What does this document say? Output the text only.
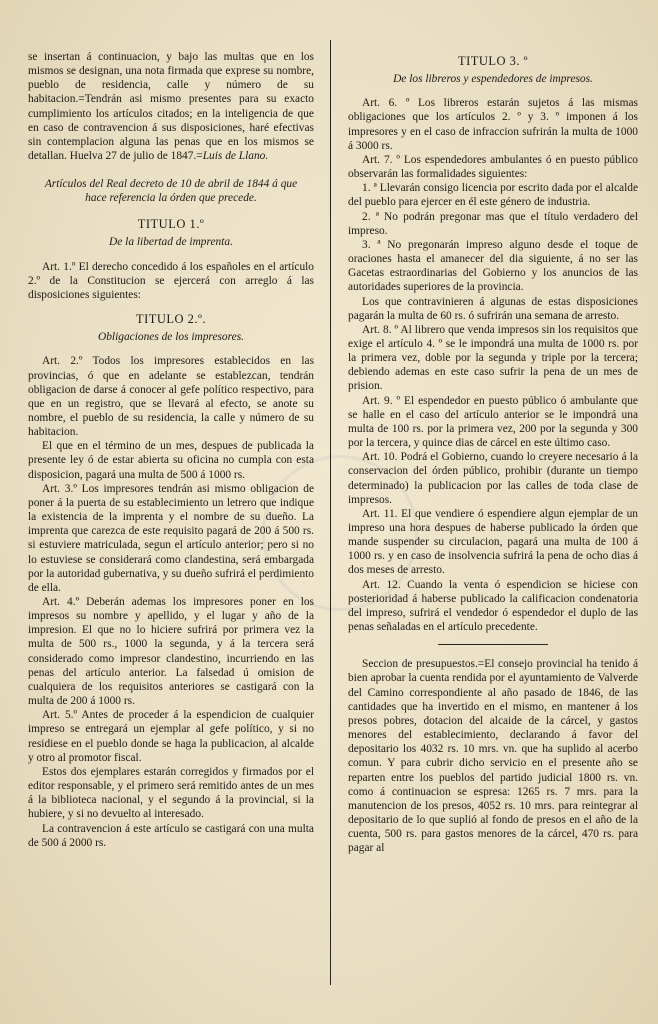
se insertan á continuacion, y bajo las multas que en los mismos se designan, una nota firmada que exprese su nombre, pueblo de residencia, calle y número de su habitacion.=Tendrán asi mismo presentes para su exacto cumplimiento los artículos citados; en la inteligencia de que en caso de contravencion á sus disposiciones, haré efectivas sin contemplacion alguna las penas que en los mismos se detallan. Huelva 27 de julio de 1847.=Luis de Llano.

Artículos del Real decreto de 10 de abril de 1844 á que hace referencia la órden que precede.

TITULO 1.º

De la libertad de imprenta.

Art. 1.º El derecho concedido á los españoles en el artículo 2.º de la Constitucion se ejercerá con arreglo á las disposiciones siguientes:

TITULO 2.º.

Obligaciones de los impresores.

Art. 2.º Todos los impresores establecidos en las provincias, ó que en adelante se establezcan, tendrán obligacion de darse á conocer al gefe político respectivo, para que en un registro, que se llevará al efecto, se anote su nombre, el pueblo de su residencia, la calle y número de su habitacion.

El que en el término de un mes, despues de publicada la presente ley ó de estar abierta su oficina no cumpla con esta disposicion, pagará una multa de 500 á 1000 rs.

Art. 3.º Los impresores tendrán asi mismo obligacion de poner á la puerta de su establecimiento un letrero que indique la existencia de la imprenta y el nombre de su dueño. La imprenta que carezca de este requisito pagará de 200 á 500 rs. si estuviere matriculada, segun el artículo anterior; pero si no lo estuviese se considerará como clandestina, será embargada por la autoridad gubernativa, y su dueño sufrirá el perdimiento de ella.

Art. 4.º Deberán ademas los impresores poner en los impresos su nombre y apellido, y el lugar y año de la impresion. El que no lo hiciere sufrirá por primera vez la multa de 500 rs., 1000 la segunda, y á la tercera será considerado como impresor clandestino, incurriendo en las penas del artículo anterior. La falsedad ú omision de cualquiera de los requisitos anteriores se castigará con la multa de 200 á 1000 rs.

Art. 5.º Antes de proceder á la espendicion de cualquier impreso se entregará un ejemplar al gefe político, y si no residiese en el pueblo donde se haga la publicacion, al alcalde y otro al promotor fiscal.

Estos dos ejemplares estarán corregidos y firmados por el editor responsable, y el primero será remitido antes de un mes á la biblioteca nacional, y el segundo á la provincial, si la hubiere, y si no devuelto al interesado.

La contravencion á este artículo se castigará con una multa de 500 á 2000 rs.

TITULO 3. º

De los libreros y espendedores de impresos.

Art. 6. º Los libreros estarán sujetos á las mismas obligaciones que los artículos 2. º y 3. º imponen á los impresores y en el caso de infraccion sufrirán la multa de 1000 á 3000 rs.

Art. 7. º Los espendedores ambulantes ó en puesto público observarán las formalidades siguientes:

1. ª Llevarán consigo licencia por escrito dada por el alcalde del pueblo para ejercer en él este género de industria.

2. ª No podrán pregonar mas que el título verdadero del impreso.

3. ª No pregonarán impreso alguno desde el toque de oraciones hasta el amanecer del dia siguiente, á no ser las Gacetas estraordinarias del Gobierno y los anuncios de las autoridades superiores de la provincia.

Los que contravinieren á algunas de estas disposiciones pagarán la multa de 60 rs. ó sufrirán una semana de arresto.

Art. 8. º Al librero que venda impresos sin los requisitos que exige el artículo 4. º se le impondrá una multa de 1000 rs. por la primera vez, doble por la segunda y triple por la tercera; debiendo ademas en este caso sufrir la pena de un mes de prision.

Art. 9. º El espendedor en puesto público ó ambulante que se halle en el caso del artículo anterior se le impondrá una multa de 100 rs. por la primera vez, 200 por la segunda y 300 por la tercera, y quince dias de cárcel en este último caso.

Art. 10. Podrá el Gobierno, cuando lo creyere necesario á la conservacion del órden público, prohibir (durante un tiempo determinado) la publicacion por las calles de toda clase de impresos.

Art. 11. El que vendiere ó espendiere algun ejemplar de un impreso una hora despues de haberse publicado la órden que mande suspender su circulacion, pagará una multa de 100 á 1000 rs. y en caso de insolvencia sufrirá la pena de ocho dias á dos meses de arresto.

Art. 12. Cuando la venta ó espendicion se hiciese con posterioridad á haberse publicado la calificacion condenatoria del impreso, sufrirá el vendedor ó espendedor el duplo de las penas señaladas en el artículo precedente.

Seccion de presupuestos.=El consejo provincial ha tenido á bien aprobar la cuenta rendida por el ayuntamiento de Valverde del Camino correspondiente al año pasado de 1846, de las cantidades que ha invertido en el mismo, en mantener á los presos pobres, dotacion del alcaide de la cárcel, y gastos menores del establecimiento, declarando á favor del depositario los 4032 rs. 10 mrs. vn. que ha suplido al acerbo comun. Y para cubrir dicho servicio en el presente año se reparten entre los pueblos del partido judicial 1800 rs. vn. como á continuacion se espresa: 1265 rs. 7 mrs. para la manutencion de los presos, 4052 rs. 10 mrs. para reintegrar al depositario de lo que suplió al fondo de presos en el año de la cuenta, 500 rs. para gastos menores de la cárcel, 470 rs. para pagar al
